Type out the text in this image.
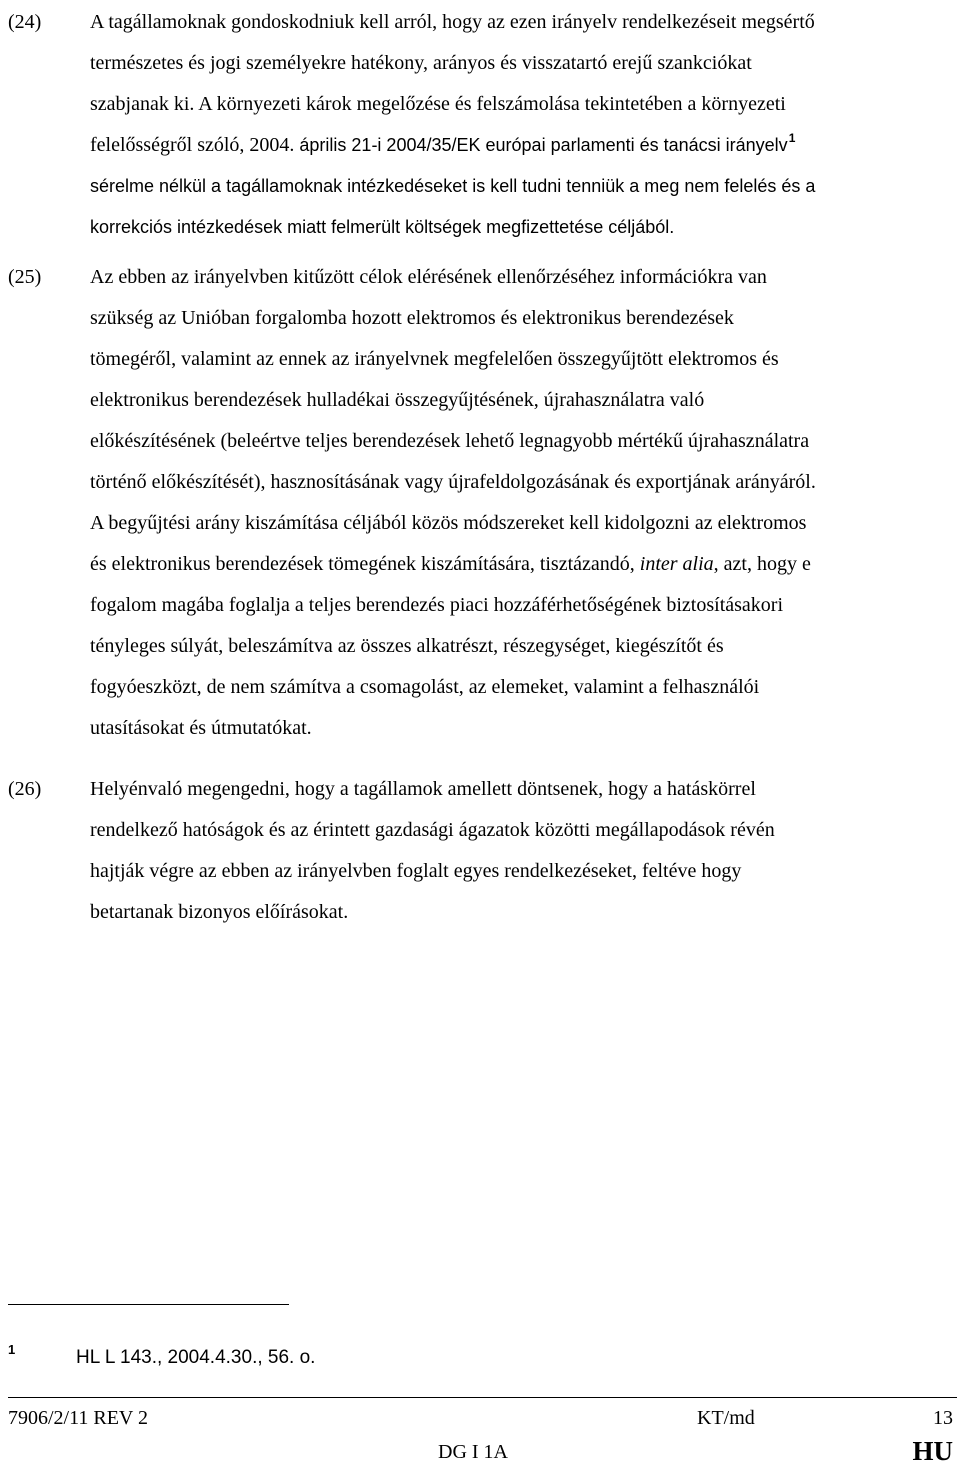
(24) A tagállamoknak gondoskodniuk kell arról, hogy az ezen irányelv rendelkezéseit megsértő
természetes és jogi személyekre hatékony, arányos és visszatartó erejű szankciókat
szabjanak ki. A környezeti károk megelőzése és felszámolása tekintetében a környezeti
felelősségről szóló, 2004. április 21-i 2004/35/EK európai parlamenti és tanácsi irányelv$^1$
sérelme nélkül a tagállamoknak intézkedéseket is kell tudni tenniük a meg nem felelés és a
korrekciós intézkedések miatt felmerült költségek megfizettetése céljából.
(25) Az ebben az irányelvben kitűzött célok elérésének ellenőrzéséhez információkra van
szükség az Unióban forgalomba hozott elektromos és elektronikus berendezések
tömegéről, valamint az ennek az irányelvnek megfelelően összegyűjtött elektromos és
elektronikus berendezések hulladékai összegyűjtésének, újrahasználatra való
előkészítésének (beleértve teljes berendezések lehető legnagyobb mértékű újrahasználatra
történő előkészítését), hasznosításának vagy újrafeldolgozásának és exportjának arányáról.
A begyűjtési arány kiszámítása céljából közös módszereket kell kidolgozni az elektromos
és elektronikus berendezések tömegének kiszámítására, tisztázandó, inter alia, azt, hogy e
fogalom magába foglalja a teljes berendezés piaci hozzáférhetőségének biztosításakori
tényleges súlyát, beleszámítva az összes alkatrészt, részegységet, kiegészítőt és
fogyóeszközt, de nem számítva a csomagolást, az elemeket, valamint a felhasználói
utasításokat és útmutatókat.
(26) Helyénvaló megengedni, hogy a tagállamok amellett döntsenek, hogy a hatáskörrel
rendelkező hatóságok és az érintett gazdasági ágazatok közötti megállapodások révén
hajtják végre az ebben az irányelvben foglalt egyes rendelkezéseket, feltéve hogy
betartanak bizonyos előírásokat.
1	HL L 143., 2004.4.30., 56. o.
7906/2/11 REV 2	KT/md	13
DG I 1A	HU
